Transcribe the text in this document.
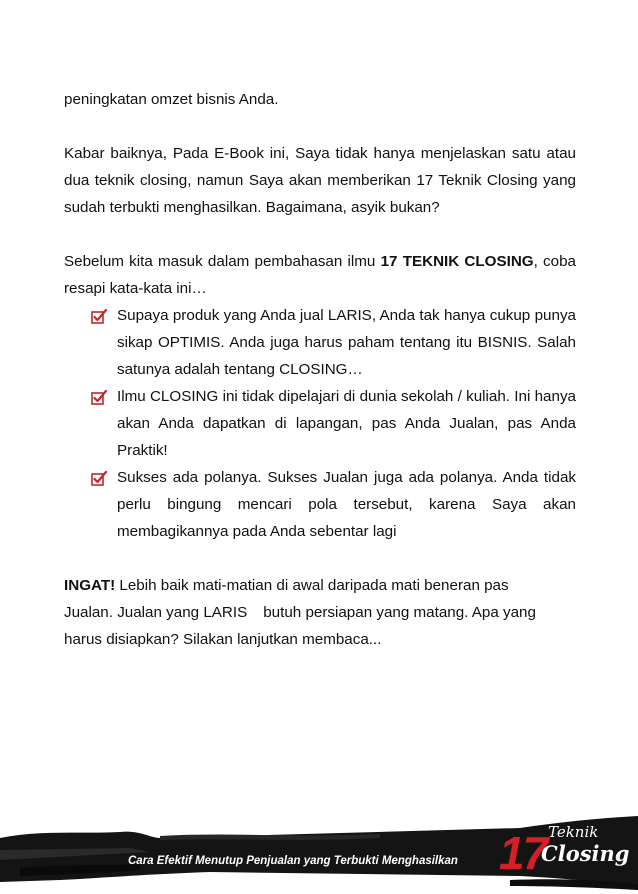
peningkatan omzet bisnis Anda.

Kabar baiknya, Pada E-Book ini, Saya tidak hanya menjelaskan satu atau dua teknik closing, namun Saya akan memberikan 17 Teknik Closing yang sudah terbukti menghasilkan. Bagaimana, asyik bukan?

Sebelum kita masuk dalam pembahasan ilmu 17 TEKNIK CLOSING, coba resapi kata-kata ini…

Supaya produk yang Anda jual LARIS, Anda tak hanya cukup punya sikap OPTIMIS. Anda juga harus paham tentang itu BISNIS. Salah satunya adalah tentang CLOSING…
Ilmu CLOSING ini tidak dipelajari di dunia sekolah / kuliah. Ini hanya akan Anda dapatkan di lapangan, pas Anda Jualan, pas Anda Praktik!
Sukses ada polanya. Sukses Jualan juga ada polanya. Anda tidak perlu bingung mencari pola tersebut, karena Saya akan membagikannya pada Anda sebentar lagi

INGAT! Lebih baik mati-matian di awal daripada mati beneran pas

Jualan. Jualan yang LARIS butuh persiapan yang matang. Apa yang

harus disiapkan? Silakan lanjutkan membaca...

Cara Efektif Menutup Penjualan yang Terbukti Menghasilkan 17 Teknik
Closing
